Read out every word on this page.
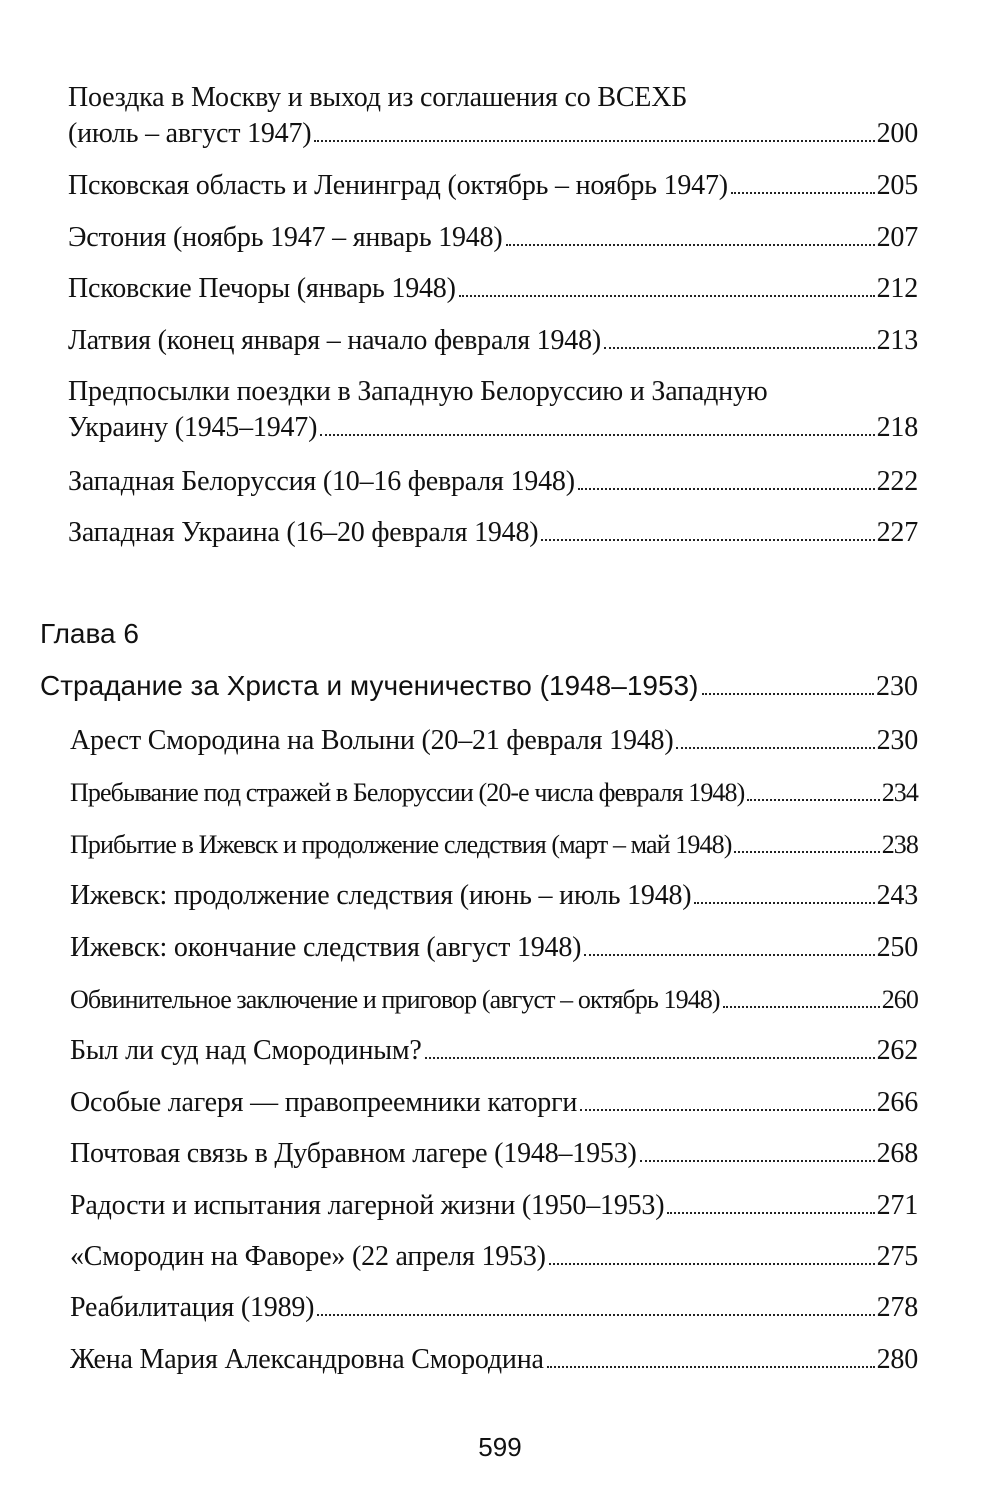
Поездка в Москву и выход из соглашения со ВСЕХБ
(июль – август 1947)	200
Псковская область и Ленинград (октябрь – ноябрь 1947)	205
Эстония (ноябрь 1947 – январь 1948)	207
Псковские Печоры (январь 1948)	212
Латвия (конец января – начало февраля 1948)	213
Предпосылки поездки в Западную Белоруссию и Западную
Украину (1945–1947)	218
Западная Белоруссия (10–16 февраля 1948)	222
Западная Украина (16–20 февраля 1948)	227
Глава 6
Страдание за Христа и мученичество (1948–1953)	230
Арест Смородина на Волыни (20–21 февраля 1948)	230
Пребывание под стражей в Белоруссии (20-е числа февраля 1948)	234
Прибытие в Ижевск и продолжение следствия (март – май 1948)	238
Ижевск: продолжение следствия (июнь – июль 1948)	243
Ижевск: окончание следствия (август 1948)	250
Обвинительное заключение и приговор (август – октябрь 1948)	260
Был ли суд над Смородиным?	262
Особые лагеря — правопреемники каторги	266
Почтовая связь в Дубравном лагере (1948–1953)	268
Радости и испытания лагерной жизни (1950–1953)	271
«Смородин на Фаворе» (22 апреля 1953)	275
Реабилитация (1989)	278
Жена Мария Александровна Смородина	280
599
